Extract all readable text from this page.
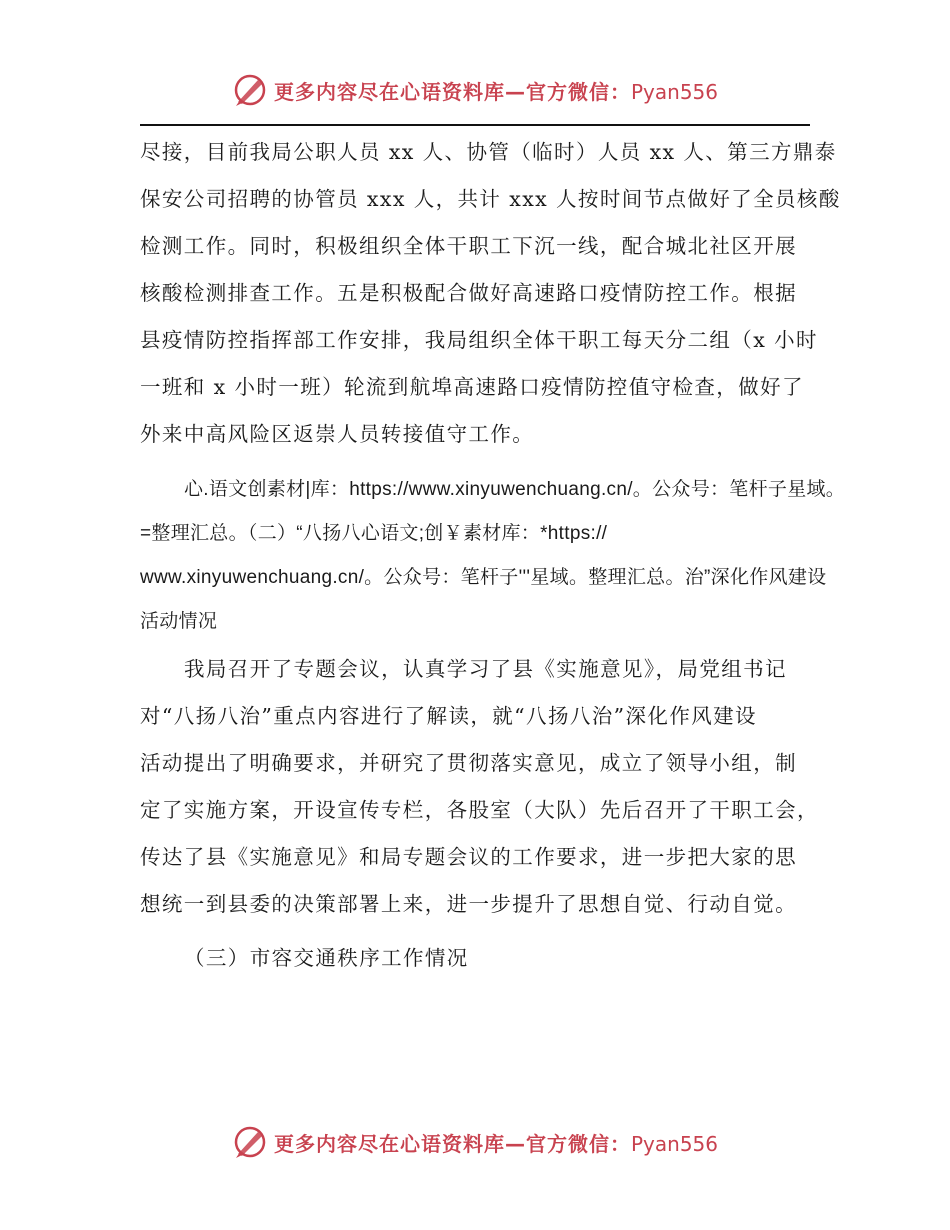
更多内容尽在心语资料库—官方微信：Pyan556
尽接，目前我局公职人员 xx 人、协管（临时）人员 xx 人、第三方鼎泰
保安公司招聘的协管员 xxx 人，共计 xxx 人按时间节点做好了全员核酸
检测工作。同时，积极组织全体干职工下沉一线，配合城北社区开展
核酸检测排查工作。五是积极配合做好高速路口疫情防控工作。根据
县疫情防控指挥部工作安排，我局组织全体干职工每天分二组（x 小时
一班和 x 小时一班）轮流到航埠高速路口疫情防控值守检查，做好了
外来中高风险区返崇人员转接值守工作。
心.语文创素材|库：https://www.xinyuwenchuang.cn/。公众号：笔杆子星域。
=整理汇总。（二）“八扬八心语文;创￥素材库：*https://
www.xinyuwenchuang.cn/。公众号：笔杆子'''星域。整理汇总。治”深化作风建设
活动情况
我局召开了专题会议，认真学习了县《实施意见》，局党组书记
对“八扬八治”重点内容进行了解读，就“八扬八治”深化作风建设
活动提出了明确要求，并研究了贯彻落实意见，成立了领导小组，制
定了实施方案，开设宣传专栏，各股室（大队）先后召开了干职工会，
传达了县《实施意见》和局专题会议的工作要求，进一步把大家的思
想统一到县委的决策部署上来，进一步提升了思想自觉、行动自觉。
（三）市容交通秩序工作情况
更多内容尽在心语资料库—官方微信：Pyan556
